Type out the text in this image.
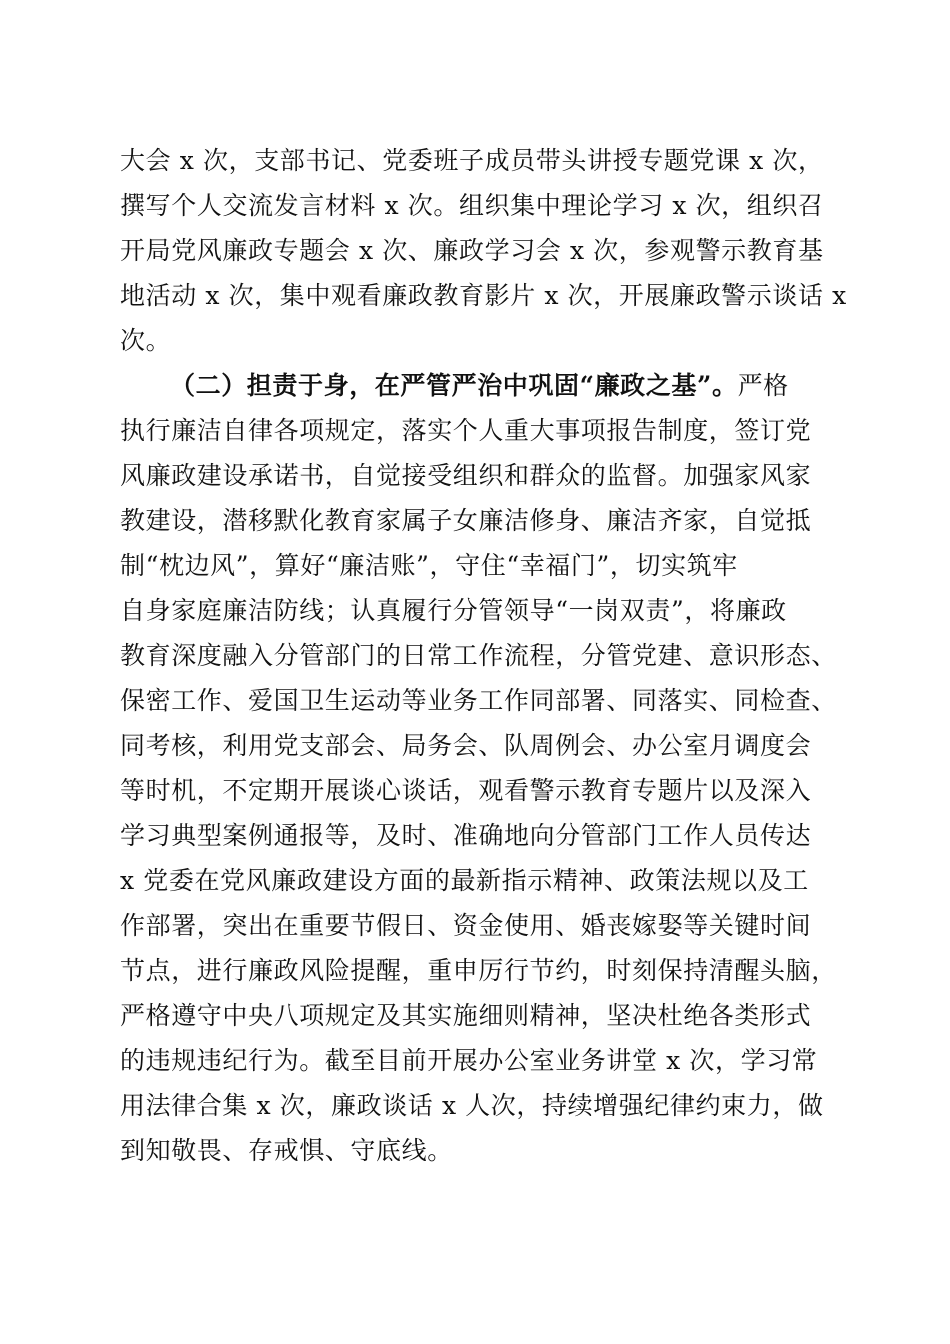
大会 x 次，支部书记、党委班子成员带头讲授专题党课 x 次，
撰写个人交流发言材料 x 次。组织集中理论学习 x 次，组织召
开局党风廉政专题会 x 次、廉政学习会 x 次，参观警示教育基
地活动 x 次，集中观看廉政教育影片 x 次，开展廉政警示谈话 x
次。
（二）担责于身，在严管严治中巩固“廉政之基”。严格
执行廉洁自律各项规定，落实个人重大事项报告制度，签订党
风廉政建设承诺书，自觉接受组织和群众的监督。加强家风家
教建设，潜移默化教育家属子女廉洁修身、廉洁齐家，自觉抵
制“枕边风”，算好“廉洁账”，守住“幸福门”，切实筑牢
自身家庭廉洁防线；认真履行分管领导“一岗双责”，将廉政
教育深度融入分管部门的日常工作流程，分管党建、意识形态、
保密工作、爱国卫生运动等业务工作同部署、同落实、同检查、
同考核，利用党支部会、局务会、队周例会、办公室月调度会
等时机，不定期开展谈心谈话，观看警示教育专题片以及深入
学习典型案例通报等，及时、准确地向分管部门工作人员传达
x 党委在党风廉政建设方面的最新指示精神、政策法规以及工
作部署，突出在重要节假日、资金使用、婚丧嫁娶等关键时间
节点，进行廉政风险提醒，重申厉行节约，时刻保持清醒头脑，
严格遵守中央八项规定及其实施细则精神，坚决杜绝各类形式
的违规违纪行为。截至目前开展办公室业务讲堂 x 次，学习常
用法律合集 x 次，廉政谈话 x 人次，持续增强纪律约束力，做
到知敬畏、存戒惧、守底线。
